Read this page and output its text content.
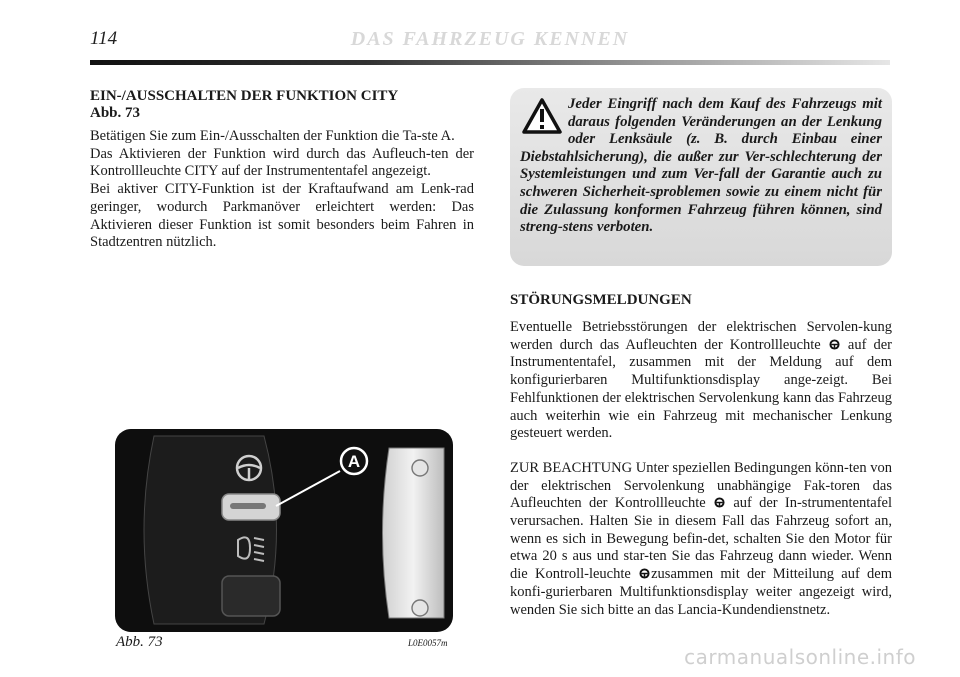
114	DAS FAHRZEUG KENNEN
EIN-/AUSSCHALTEN DER FUNKTION CITY
Abb. 73

Betätigen Sie zum Ein-/Ausschalten der Funktion die Ta-ste A.

Das Aktivieren der Funktion wird durch das Aufleuch-ten der Kontrollleuchte CITY auf der Instrumententafel angezeigt.

Bei aktiver CITY-Funktion ist der Kraftaufwand am Lenk-rad geringer, wodurch Parkmanöver erleichtert werden: Das Aktivieren dieser Funktion ist somit besonders beim Fahren in Stadtzentren nützlich.

Jeder Eingriff nach dem Kauf des Fahrzeugs mit daraus folgenden Veränderungen an der Lenkung oder Lenksäule (z. B. durch Einbau einer Diebstahlsicherung), die außer zur Ver-schlechterung der Systemleistungen und zum Ver-fall der Garantie auch zu schweren Sicherheit-sproblemen sowie zu einem nicht für die Zulassung konformen Fahrzeug führen können, sind streng-stens verboten.

STÖRUNGSMELDUNGEN

Eventuelle Betriebsstörungen der elektrischen Servolen-kung werden durch das Aufleuchten der Kontrollleuchte auf der Instrumententafel, zusammen mit der Meldung auf dem konfigurierbaren Multifunktionsdisplay ange-zeigt. Bei Fehlfunktionen der elektrischen Servolenkung kann das Fahrzeug auch weiterhin wie ein Fahrzeug mit mechanischer Lenkung gesteuert werden.

ZUR BEACHTUNG Unter speziellen Bedingungen könn-ten von der elektrischen Servolenkung unabhängige Fak-toren das Aufleuchten der Kontrollleuchte auf der In-strumententafel verursachen. Halten Sie in diesem Fall das Fahrzeug sofort an, wenn es sich in Bewegung befin-det, schalten Sie den Motor für etwa 20 s aus und star-ten Sie das Fahrzeug dann wieder. Wenn die Kontroll-leuchte zusammen mit der Mitteilung auf dem konfi-gurierbaren Multifunktionsdisplay weiter angezeigt wird, wenden Sie sich bitte an das Lancia-Kundendienstnetz.

A
Abb. 73	L0E0057m
carmanualsonline.info
